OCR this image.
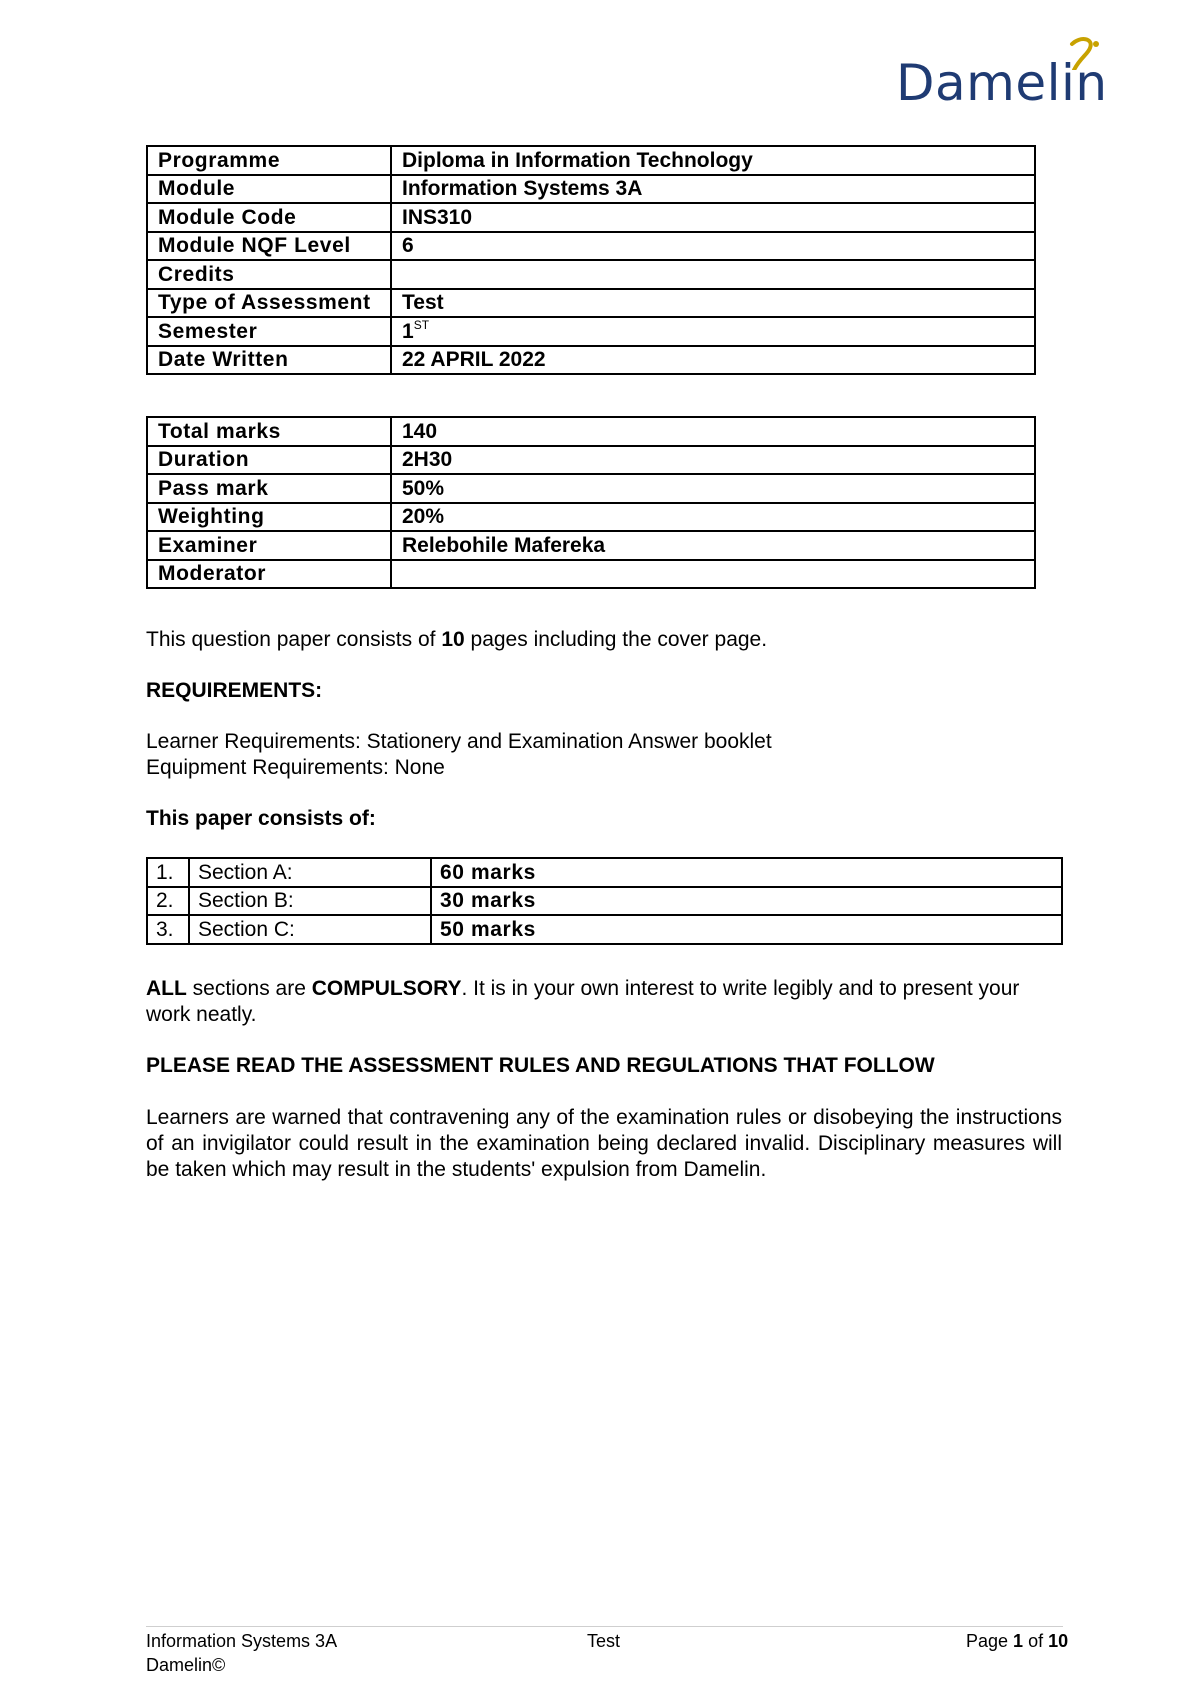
Damelin
Programme	Diploma in Information Technology
Module	Information Systems 3A
Module Code	INS310
Module NQF Level	6
Credits	
Type of Assessment	Test
Semester	1ST
Date Written	22 APRIL 2022
Total marks	140
Duration	2H30
Pass mark	50%
Weighting	20%
Examiner	Relebohile Mafereka
Moderator	
This question paper consists of 10 pages including the cover page.
REQUIREMENTS:
Learner Requirements: Stationery and Examination Answer booklet
Equipment Requirements: None
This paper consists of:
1.	Section A:	60 marks
2.	Section B:	30 marks
3.	Section C:	50 marks
ALL sections are COMPULSORY. It is in your own interest to write legibly and to present your work neatly.
PLEASE READ THE ASSESSMENT RULES AND REGULATIONS THAT FOLLOW
Learners are warned that contravening any of the examination rules or disobeying the instructions of an invigilator could result in the examination being declared invalid. Disciplinary measures will be taken which may result in the students' expulsion from Damelin.
Information Systems 3A
Damelin©
Test	Page 1 of 10
